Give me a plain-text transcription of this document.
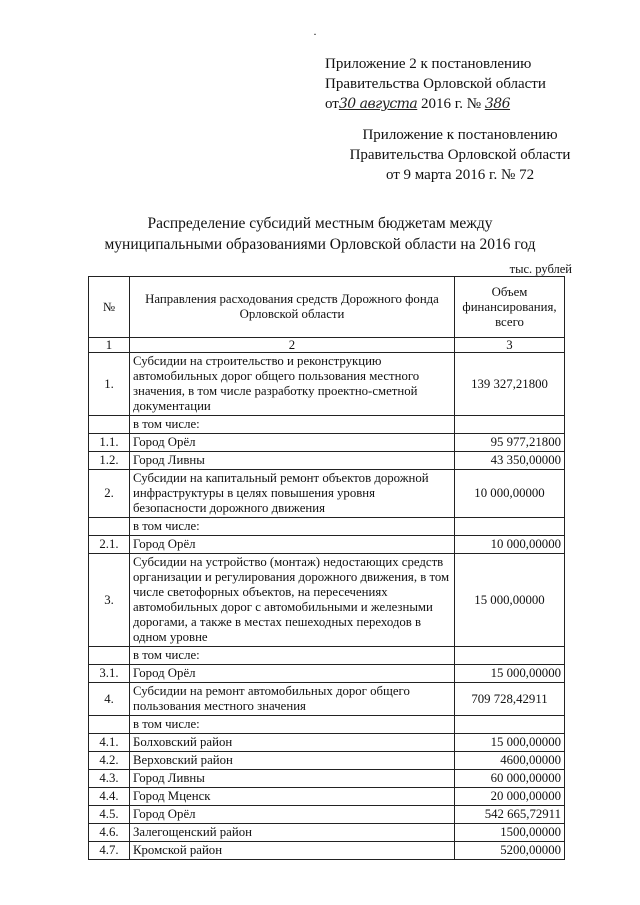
·
Приложение 2 к постановлению
Правительства Орловской области
от30 августа 2016 г. № 386
Приложение к постановлению
Правительства Орловской области
от 9 марта 2016 г. № 72
Распределение субсидий местным бюджетам между
муниципальными образованиями Орловской области на 2016 год
тыс. рублей
№	Направления расходования средств Дорожного фонда Орловской области	Объем финансирования, всего
1	2	3
1.	Субсидии на строительство и реконструкцию автомобильных дорог общего пользования местного значения, в том числе разработку проектно-сметной документации	139 327,21800
	в том числе:	
1.1.	Город Орёл	95 977,21800
1.2.	Город Ливны	43 350,00000
2.	Субсидии на капитальный ремонт объектов дорожной инфраструктуры в целях повышения уровня безопасности дорожного движения	10 000,00000
	в том числе:	
2.1.	Город Орёл	10 000,00000
3.	Субсидии на устройство (монтаж) недостающих средств организации и регулирования дорожного движения, в том числе светофорных объектов, на пересечениях автомобильных дорог с автомобильными и железными дорогами, а также в местах пешеходных переходов в одном уровне	15 000,00000
	в том числе:	
3.1.	Город Орёл	15 000,00000
4.	Субсидии на ремонт автомобильных дорог общего пользования местного значения	709 728,42911
	в том числе:	
4.1.	Болховский район	15 000,00000
4.2.	Верховский район	4600,00000
4.3.	Город Ливны	60 000,00000
4.4.	Город Мценск	20 000,00000
4.5.	Город Орёл	542 665,72911
4.6.	Залегощенский район	1500,00000
4.7.	Кромской район	5200,00000
